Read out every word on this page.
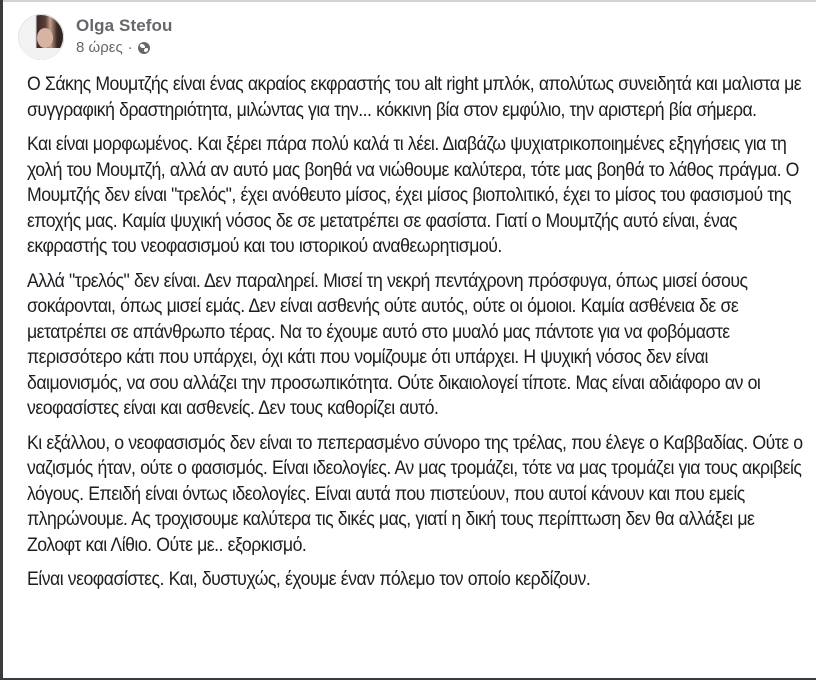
Olga Stefou
8 ώρες ·

Ο Σάκης Μουμτζής είναι ένας ακραίος εκφραστής του alt right μπλόκ, απολύτως συνειδητά και μαλιστα με συγγραφική δραστηριότητα, μιλώντας για την... κόκκινη βία στον εμφύλιο, την αριστερή βία σήμερα.

Και είναι μορφωμένος. Και ξέρει πάρα πολύ καλά τι λέει. Διαβάζω ψυχιατρικοποιημένες εξηγήσεις για τη χολή του Μουμτζή, αλλά αν αυτό μας βοηθά να νιώθουμε καλύτερα, τότε μας βοηθά το λάθος πράγμα. Ο Μουμτζής δεν είναι "τρελός", έχει ανόθευτο μίσος, έχει μίσος βιοπολιτικό, έχει το μίσος του φασισμού της εποχής μας. Καμία ψυχική νόσος δε σε μετατρέπει σε φασίστα. Γιατί ο Μουμτζής αυτό είναι, ένας εκφραστής του νεοφασισμού και του ιστορικού αναθεωρητισμού.

Αλλά "τρελός" δεν είναι. Δεν παραληρεί. Μισεί τη νεκρή πεντάχρονη πρόσφυγα, όπως μισεί όσους σοκάρονται, όπως μισεί εμάς. Δεν είναι ασθενής ούτε αυτός, ούτε οι όμοιοι. Καμία ασθένεια δε σε μετατρέπει σε απάνθρωπο τέρας. Να το έχουμε αυτό στο μυαλό μας πάντοτε για να φοβόμαστε περισσότερο κάτι που υπάρχει, όχι κάτι που νομίζουμε ότι υπάρχει. Η ψυχική νόσος δεν είναι δαιμονισμός, να σου αλλάζει την προσωπικότητα. Ούτε δικαιολογεί τίποτε. Μας είναι αδιάφορο αν οι νεοφασίστες είναι και ασθενείς. Δεν τους καθορίζει αυτό.

Κι εξάλλου, ο νεοφασισμός δεν είναι το πεπερασμένο σύνορο της τρέλας, που έλεγε ο Καββαδίας. Ούτε ο ναζισμός ήταν, ούτε ο φασισμός. Είναι ιδεολογίες. Αν μας τρομάζει, τότε να μας τρομάζει για τους ακριβείς λόγους. Επειδή είναι όντως ιδεολογίες. Είναι αυτά που πιστεύουν, που αυτοί κάνουν και που εμείς πληρώνουμε. Ας τροχισουμε καλύτερα τις δικές μας, γιατί η δική τους περίπτωση δεν θα αλλάξει με Ζολοφτ και Λίθιο. Ούτε με.. εξορκισμό.

Είναι νεοφασίστες. Και, δυστυχώς, έχουμε έναν πόλεμο τον οποίο κερδίζουν.
